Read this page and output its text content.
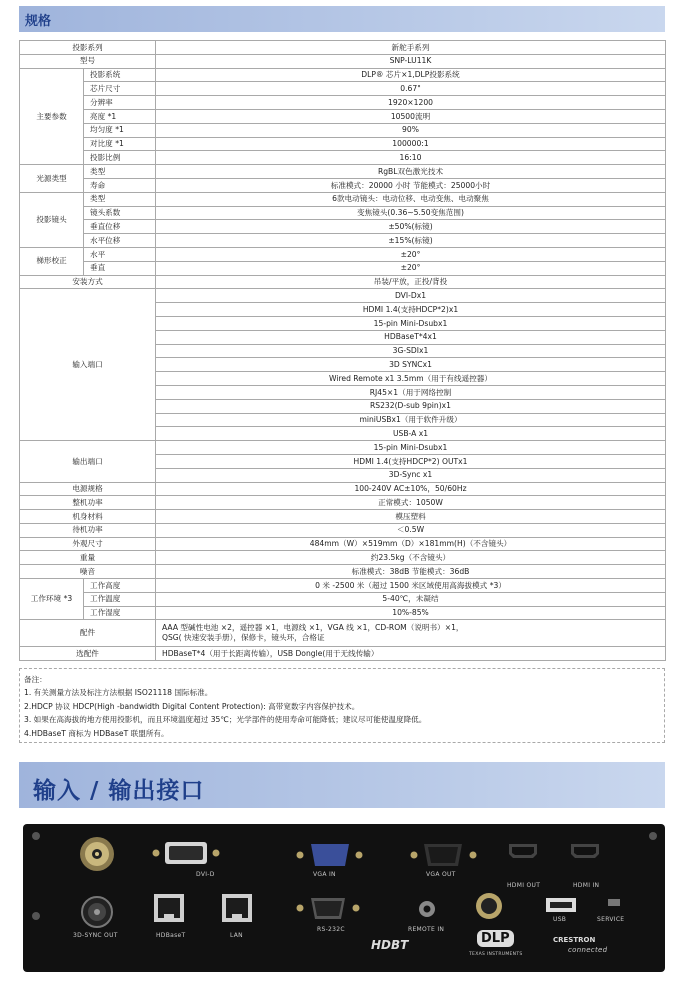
规格
投影系列		新舵手系列
型号		SNP-LU11K
主要参数	投影系统	DLP® 芯片×1,DLP投影系统
	芯片尺寸	0.67"
	分辨率	1920×1200
	亮度 *1	10500流明
	均匀度 *1	90%
	对比度 *1	100000:1
	投影比例	16:10
光源类型	类型	RgBL双色激光技术
	寿命	标准模式：20000 小时 节能模式：25000小时
投影镜头	类型	6款电动镜头：电动位移、电动变焦、电动聚焦
	镜头系数	变焦镜头(0.36~5.50变焦范围)
	垂直位移	±50%(标镜)
	水平位移	±15%(标镜)
梯形校正	水平	±20°
	垂直	±20°
安装方式		吊装/平放，正投/背投
输入端口		DVI-Dx1
		HDMI 1.4(支持HDCP*2)x1
		15-pin Mini-Dsubx1
		HDBaseT*4x1
		3G-SDIx1
		3D SYNCx1
		Wired Remote x1 3.5mm（用于有线遥控器）
		RJ45×1（用于网络控制
		RS232(D-sub 9pin)x1
		miniUSBx1（用于软件升级）
		USB-A x1
输出端口		15-pin Mini-Dsubx1
		HDMI 1.4(支持HDCP*2) OUTx1
		3D-Sync x1
电源规格		100-240V AC±10%，50/60Hz
整机功率		正常模式：1050W
机身材料		模压塑料
待机功率		＜0.5W
外观尺寸		484mm（W）×519mm（D）×181mm(H)（不含镜头）
重量		约23.5kg（不含镜头）
噪音		标准模式：38dB 节能模式：36dB
工作环境 *3	工作高度	0 米 -2500 米（超过 1500 米区域使用高海拔模式 *3）
	工作温度	5-40℃，未凝结
	工作湿度	10%-85%
配件		AAA 型碱性电池 ×2，遥控器 ×1，电源线 ×1，VGA 线 ×1，CD-ROM（说明书）×1，
QSG( 快速安装手册），保修卡，镜头环，合格证

选配件		HDBaseT*4（用于长距离传输），USB Dongle(用于无线传输）
备注：
1. 有关测量方法及标注方法根据 ISO21118 国际标准。
2.HDCP 协议 HDCP(High -bandwidth Digital Content Protection): 高带宽数字内容保护技术。
3. 如果在高海拔的地方使用投影机，而且环境温度超过 35℃；光学部件的使用寿命可能降低；建议尽可能使温度降低。
4.HDBaseT 商标为 HDBaseT 联盟所有。
输入 / 输出接口
DVI-D	VGA IN	VGA OUT
HDMI OUT	HDMI IN
3D-SYNC OUT	HDBaseT	LAN
RS-232C	REMOTE IN
USB	SERVICE
HDBT	DLP
TEXAS INSTRUMENTS
CRESTRON
connected
